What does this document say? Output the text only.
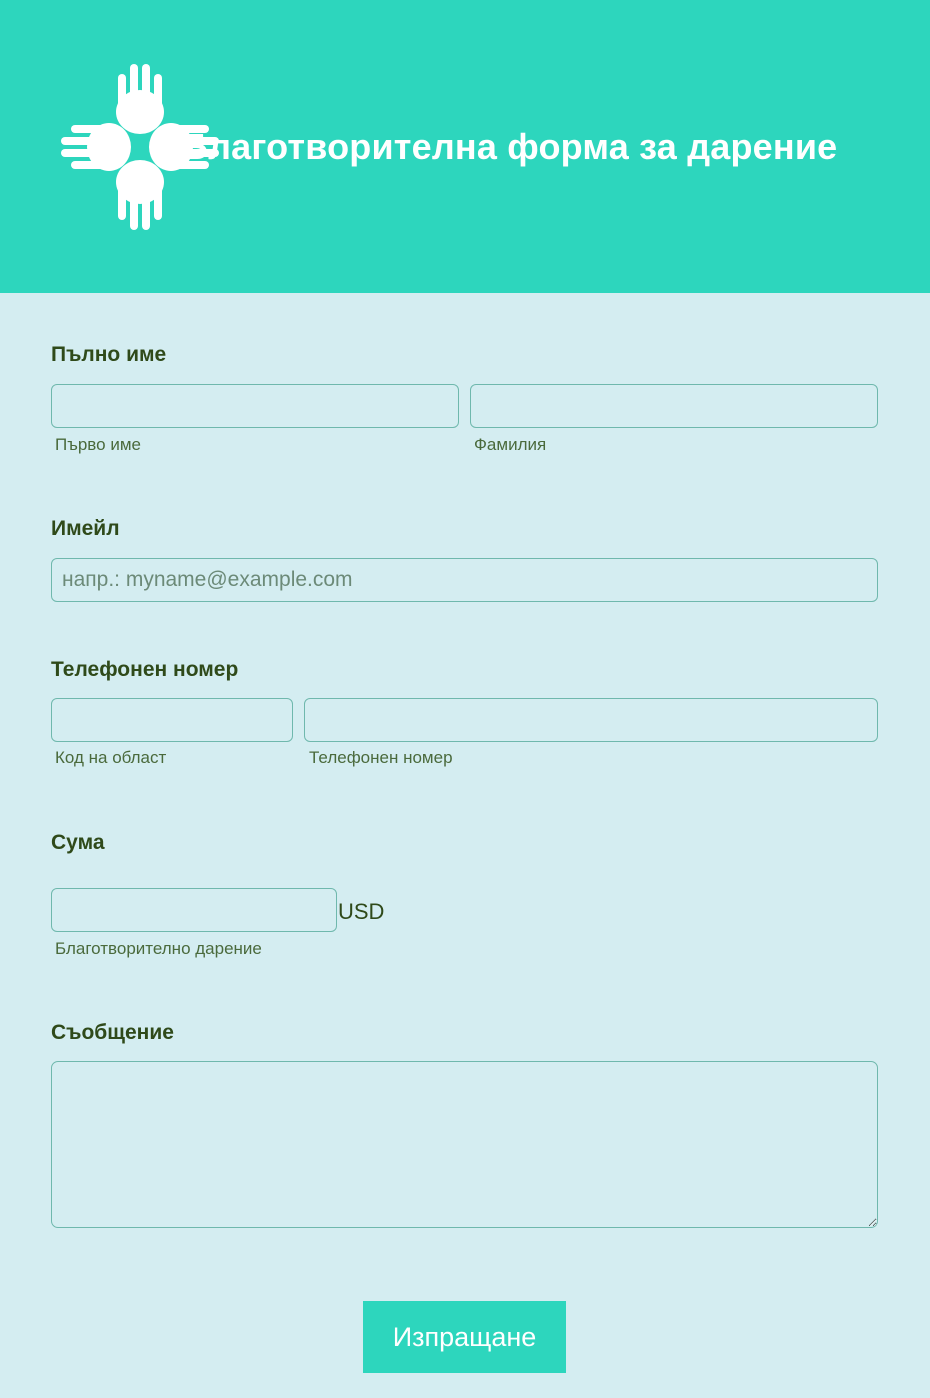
Благотворителна форма за дарение
Пълно име
Първо име	Фамилия
Имейл
напр.: myname@example.com
Телефонен номер
Код на област	Телефонен номер
Сума
USD
Благотворително дарение
Съобщение
Изпращане
